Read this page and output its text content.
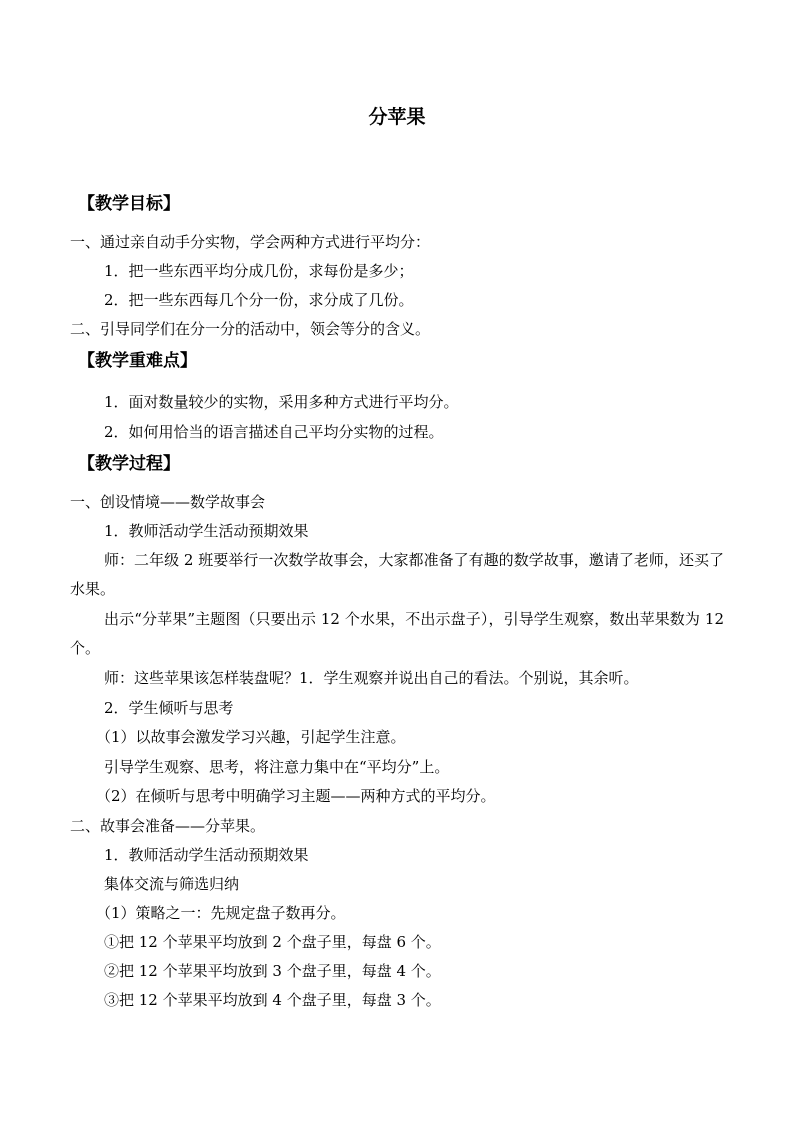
分苹果
【教学目标】
一、通过亲自动手分实物，学会两种方式进行平均分：
1．把一些东西平均分成几份，求每份是多少；
2．把一些东西每几个分一份，求分成了几份。
二、引导同学们在分一分的活动中，领会等分的含义。
【教学重难点】
1．面对数量较少的实物，采用多种方式进行平均分。
2．如何用恰当的语言描述自己平均分实物的过程。
【教学过程】
一、创设情境——数学故事会
1．教师活动学生活动预期效果
师：二年级 2 班要举行一次数学故事会，大家都准备了有趣的数学故事，邀请了老师，还买了水果。
出示“分苹果”主题图（只要出示 12 个水果，不出示盘子），引导学生观察，数出苹果数为 12 个。
师：这些苹果该怎样装盘呢？1．学生观察并说出自己的看法。个别说，其余听。
2．学生倾听与思考
（1）以故事会激发学习兴趣，引起学生注意。
引导学生观察、思考，将注意力集中在“平均分”上。
（2）在倾听与思考中明确学习主题——两种方式的平均分。
二、故事会准备——分苹果。
1．教师活动学生活动预期效果
集体交流与筛选归纳
（1）策略之一：先规定盘子数再分。
①把 12 个苹果平均放到 2 个盘子里，每盘 6 个。
②把 12 个苹果平均放到 3 个盘子里，每盘 4 个。
③把 12 个苹果平均放到 4 个盘子里，每盘 3 个。
